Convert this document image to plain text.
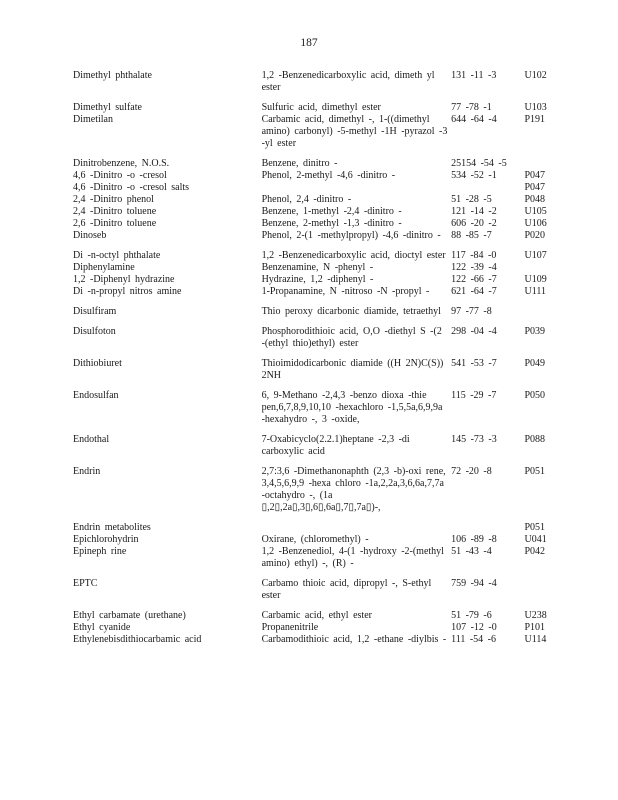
187
Dimethyl phthalate	1,2 -Benzenedicarboxylic acid, dimeth yl ester	131 -11 -3	U102
Dimethyl sulfate	Sulfuric acid, dimethyl ester	77 -78 -1	U103
Dimetilan	Carbamic acid, dimethyl -, 1-((dimethyl amino) carbonyl) -5-methyl -1H -pyrazol -3 -yl ester	644 -64 -4	P191
Dinitrobenzene, N.O.S.	Benzene, dinitro -	25154 -54 -5	
4,6 -Dinitro -o -cresol	Phenol, 2-methyl -4,6 -dinitro -	534 -52 -1	P047
4,6 -Dinitro -o -cresol salts			P047
2,4 -Dinitro phenol	Phenol, 2,4 -dinitro -	51 -28 -5	P048
2,4 -Dinitro toluene	Benzene, 1-methyl -2,4 -dinitro -	121 -14 -2	U105
2,6 -Dinitro toluene	Benzene, 2-methyl -1,3 -dinitro -	606 -20 -2	U106
Dinoseb	Phenol, 2-(1 -methylpropyl) -4,6 -dinitro -	88 -85 -7	P020
Di -n-octyl phthalate	1,2 -Benzenedicarboxylic acid, dioctyl ester	117 -84 -0	U107
Diphenylamine	Benzenamine, N -phenyl -	122 -39 -4	
1,2 -Diphenyl hydrazine	Hydrazine, 1,2 -diphenyl -	122 -66 -7	U109
Di -n-propyl nitros amine	1-Propanamine, N -nitroso -N -propyl -	621 -64 -7	U111
Disulfiram	Thio peroxy dicarbonic diamide, tetraethyl	97 -77 -8	
Disulfoton	Phosphorodithioic acid, O,O -diethyl S -(2 -(ethyl thio)ethyl) ester	298 -04 -4	P039
Dithiobiuret	Thioimidodicarbonic diamide ((H 2N)C(S)) 2NH	541 -53 -7	P049
Endosulfan	6, 9-Methano -2,4,3 -benzo dioxa -thie pen,6,7,8,9,10,10 -hexachloro -1,5,5a,6,9,9a -hexahydro -, 3 -oxide,	115 -29 -7	P050
Endothal	7-Oxabicyclo(2.2.1)heptane -2,3 -di carboxylic acid	145 -73 -3	P088
Endrin	2,7:3,6 -Dimethanonaphth (2,3 -b)-oxi rene, 3,4,5,6,9,9 -hexa chloro -1a,2,2a,3,6,6a,7,7a -octahydro -, (1a ▯,2▯,2a▯,3▯,6▯,6a▯,7▯,7a▯)-,	72 -20 -8	P051
Endrin metabolites			P051
Epichlorohydrin	Oxirane, (chloromethyl) -	106 -89 -8	U041
Epineph rine	1,2 -Benzenediol, 4-(1 -hydroxy -2-(methyl amino) ethyl) -, (R) -	51 -43 -4	P042
EPTC	Carbamo thioic acid, dipropyl -, S-ethyl ester	759 -94 -4	
Ethyl carbamate (urethane)	Carbamic acid, ethyl ester	51 -79 -6	U238
Ethyl cyanide	Propanenitrile	107 -12 -0	P101
Ethylenebisdithiocarbamic acid	Carbamodithioic acid, 1,2 -ethane -diylbis -	111 -54 -6	U114
